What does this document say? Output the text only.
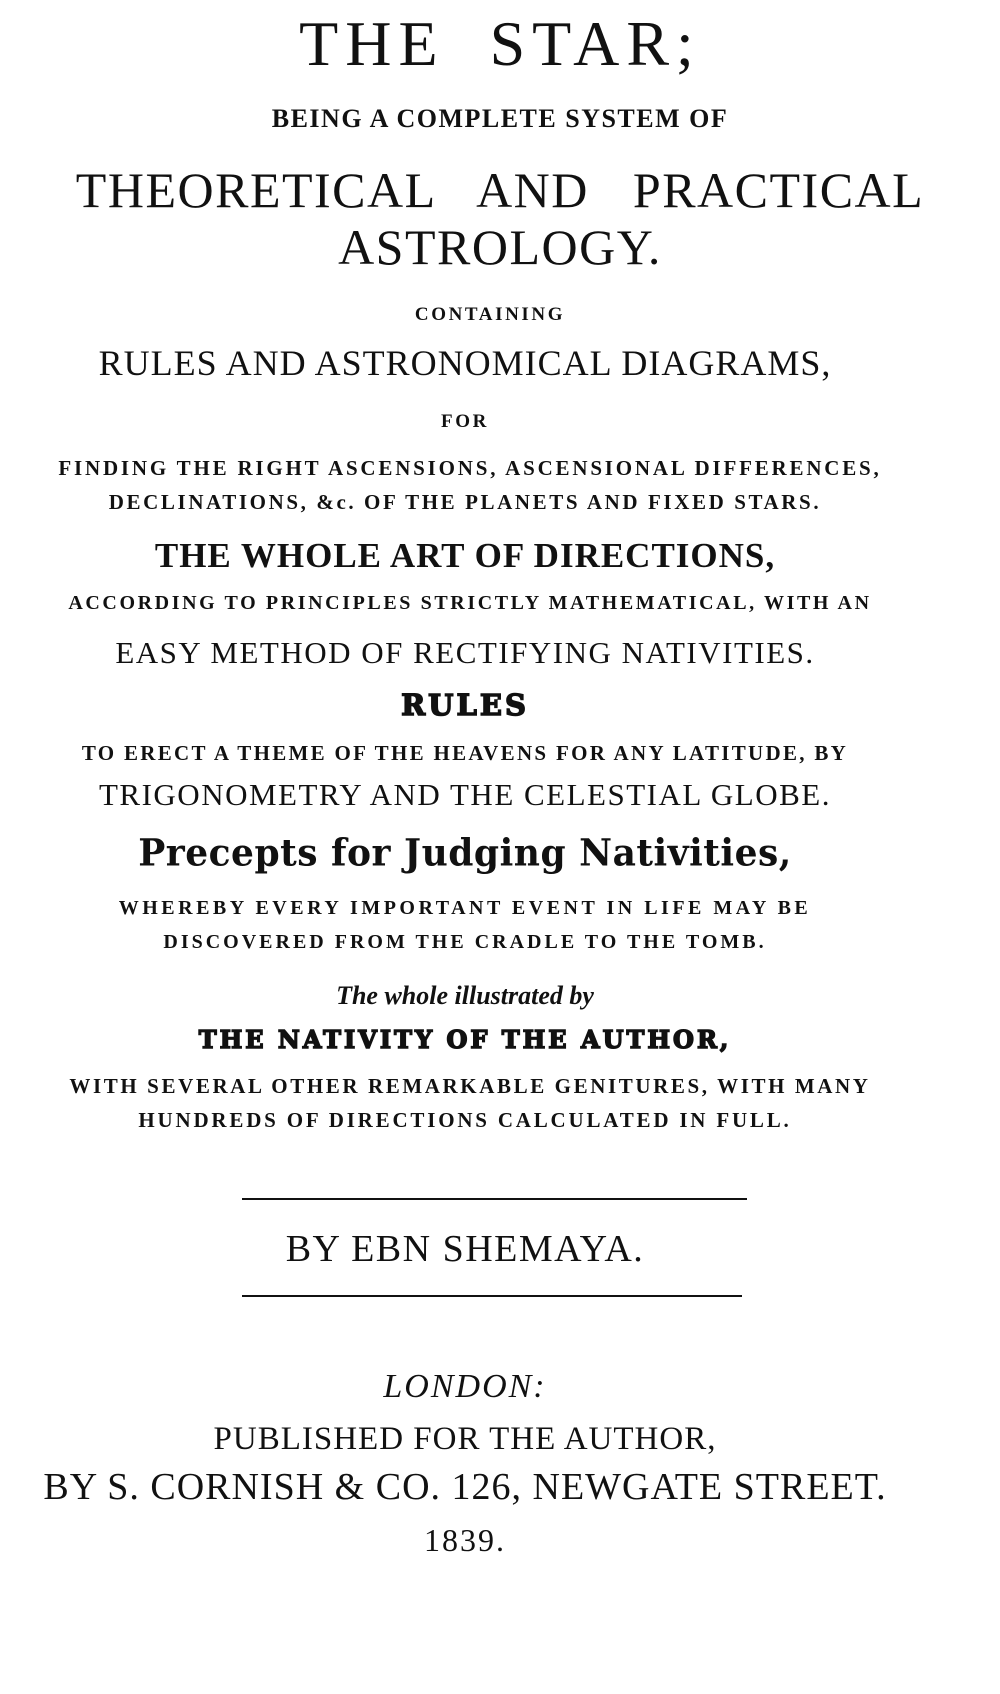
THE STAR;
BEING A COMPLETE SYSTEM OF
THEORETICAL AND PRACTICAL
ASTROLOGY.
CONTAINING
RULES AND ASTRONOMICAL DIAGRAMS,
FOR
FINDING THE RIGHT ASCENSIONS, ASCENSIONAL DIFFERENCES,
DECLINATIONS, &c. OF THE PLANETS AND FIXED STARS.
THE WHOLE ART OF DIRECTIONS,
ACCORDING TO PRINCIPLES STRICTLY MATHEMATICAL, WITH AN
EASY METHOD OF RECTIFYING NATIVITIES.
RULES
TO ERECT A THEME OF THE HEAVENS FOR ANY LATITUDE, BY
TRIGONOMETRY AND THE CELESTIAL GLOBE.
Precepts for Judging Nativities,
WHEREBY EVERY IMPORTANT EVENT IN LIFE MAY BE
DISCOVERED FROM THE CRADLE TO THE TOMB.
The whole illustrated by
THE NATIVITY OF THE AUTHOR,
WITH SEVERAL OTHER REMARKABLE GENITURES, WITH MANY
HUNDREDS OF DIRECTIONS CALCULATED IN FULL.
BY EBN SHEMAYA.
LONDON:
PUBLISHED FOR THE AUTHOR,
BY S. CORNISH & CO. 126, NEWGATE STREET.
1839.
